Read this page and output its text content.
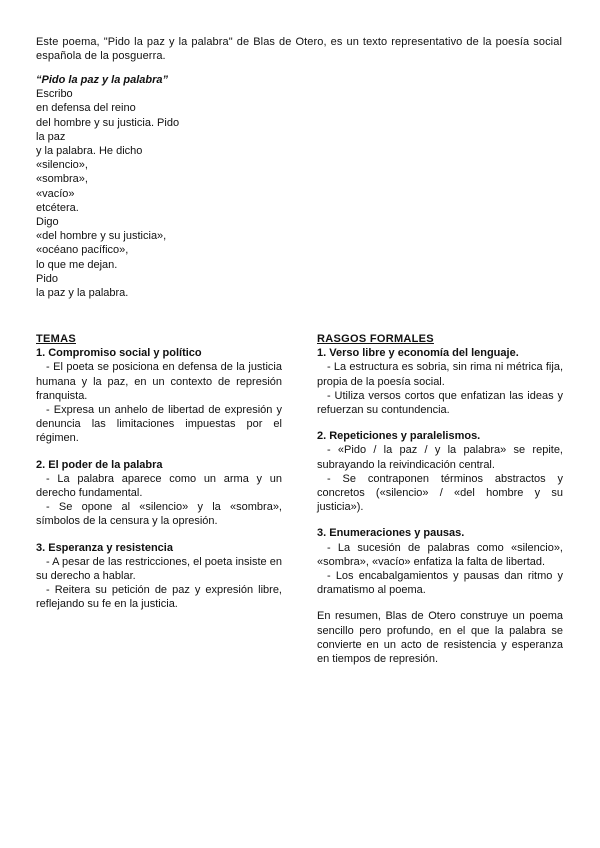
Este poema, "Pido la paz y la palabra" de Blas de Otero, es un texto representativo de la poesía social española de la posguerra.

“Pido la paz y la palabra”

Escribo
en defensa del reino
del hombre y su justicia. Pido
la paz
y la palabra. He dicho
«silencio»,
«sombra»,
«vacío»
etcétera.
Digo
«del hombre y su justicia»,
«océano pacífico»,
lo que me dejan.
Pido
la paz y la palabra.
TEMAS
1. Compromiso social y político
- El poeta se posiciona en defensa de la justicia humana y la paz, en un contexto de represión franquista.
- Expresa un anhelo de libertad de expresión y denuncia las limitaciones impuestas por el régimen.
2. El poder de la palabra
- La palabra aparece como un arma y un derecho fundamental.
- Se opone al «silencio» y la «sombra», símbolos de la censura y la opresión.
3. Esperanza y resistencia
- A pesar de las restricciones, el poeta insiste en su derecho a hablar.
- Reitera su petición de paz y expresión libre, reflejando su fe en la justicia.
RASGOS FORMALES
1. Verso libre y economía del lenguaje.
- La estructura es sobria, sin rima ni métrica fija, propia de la poesía social.
- Utiliza versos cortos que enfatizan las ideas y refuerzan su contundencia.
2. Repeticiones y paralelismos.
- «Pido / la paz / y la palabra» se repite, subrayando la reivindicación central.
- Se contraponen términos abstractos y concretos («silencio» / «del hombre y su justicia»).
3. Enumeraciones y pausas.
- La sucesión de palabras como «silencio», «sombra», «vacío» enfatiza la falta de libertad.
- Los encabalgamientos y pausas dan ritmo y dramatismo al poema.
En resumen, Blas de Otero construye un poema sencillo pero profundo, en el que la palabra se convierte en un acto de resistencia y esperanza en tiempos de represión.
